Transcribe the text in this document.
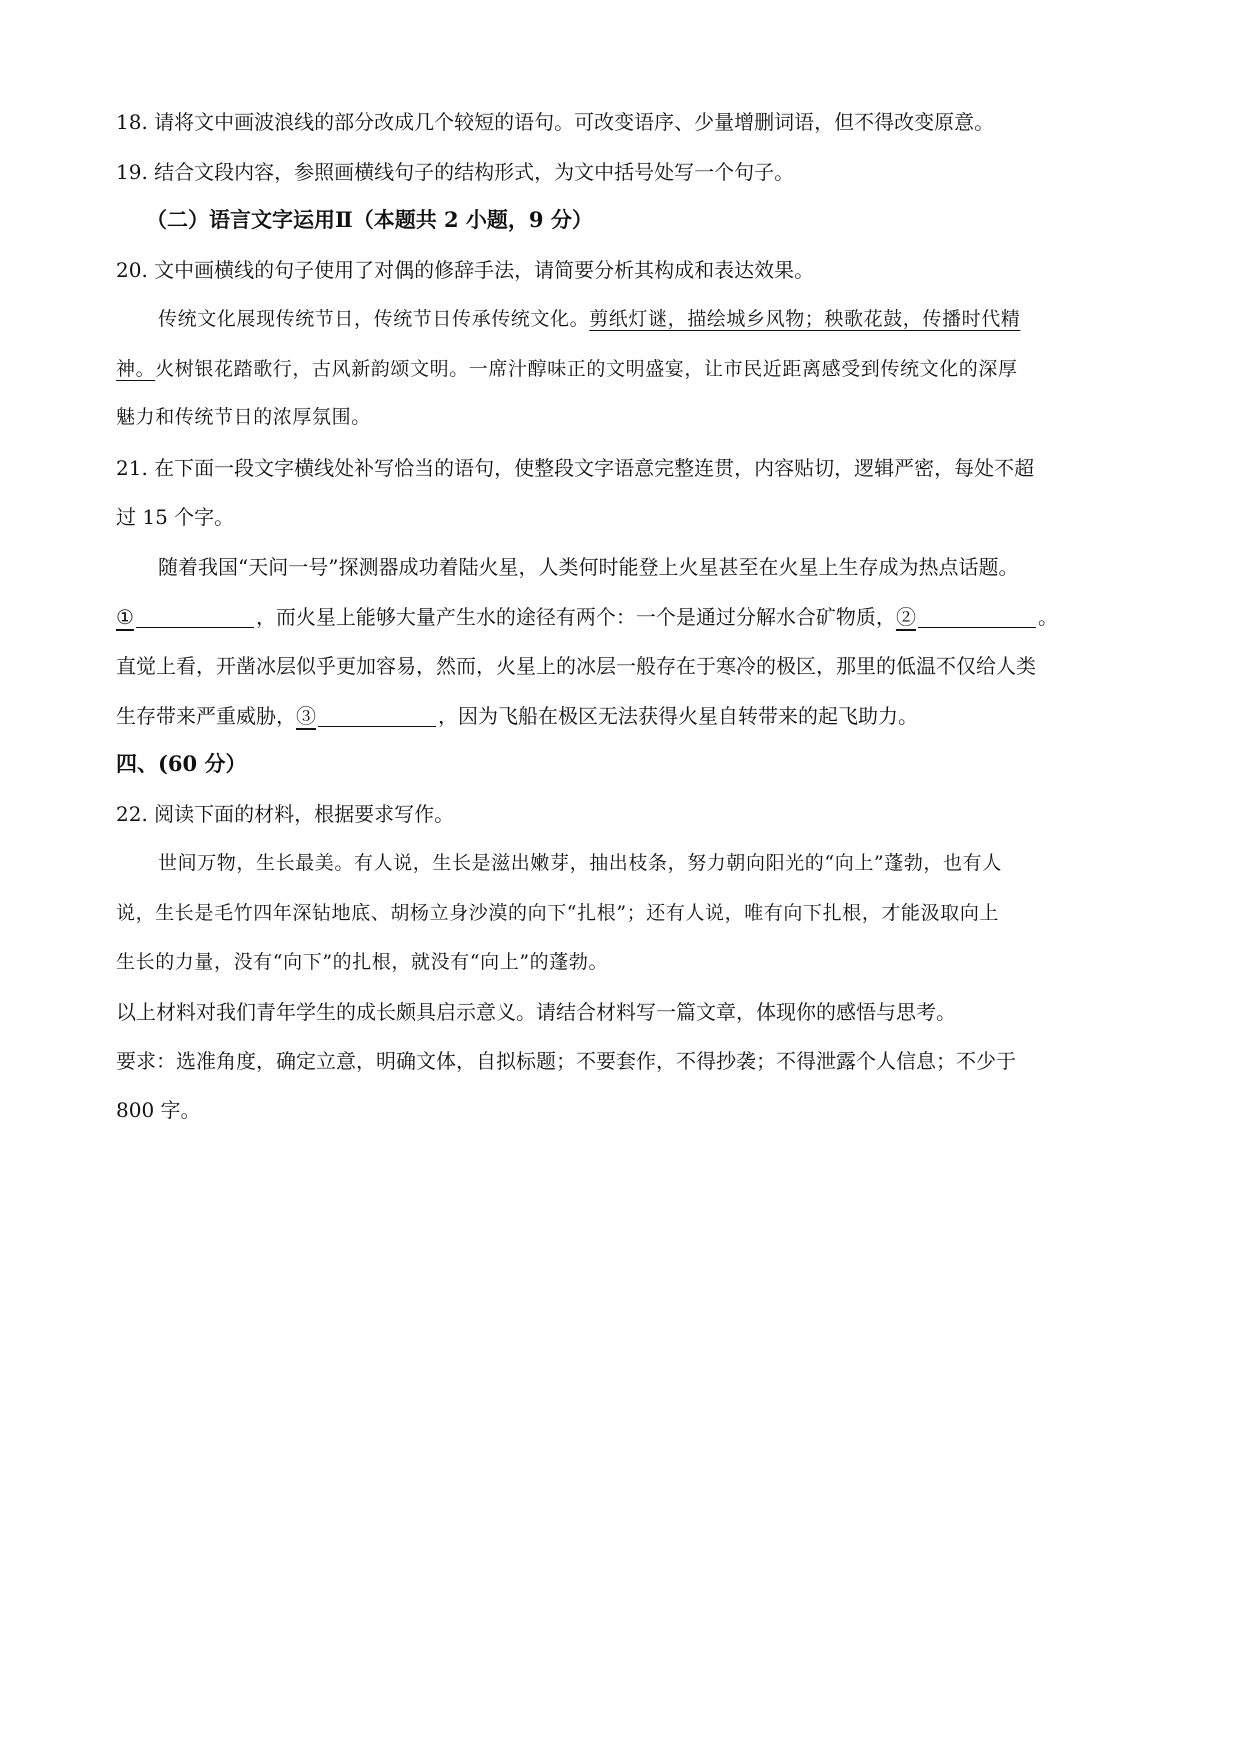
18. 请将文中画波浪线的部分改成几个较短的语句。可改变语序、少量增删词语，但不得改变原意。
19. 结合文段内容，参照画横线句子的结构形式，为文中括号处写一个句子。
（二）语言文字运用Ⅱ（本题共 2 小题，9 分）
20. 文中画横线的句子使用了对偶的修辞手法，请简要分析其构成和表达效果。
传统文化展现传统节日，传统节日传承传统文化。剪纸灯谜，描绘城乡风物；秧歌花鼓，传播时代精
神。火树银花踏歌行，古风新韵颂文明。一席汁醇味正的文明盛宴，让市民近距离感受到传统文化的深厚
魅力和传统节日的浓厚氛围。
21. 在下面一段文字横线处补写恰当的语句，使整段文字语意完整连贯，内容贴切，逻辑严密，每处不超
过 15 个字。
随着我国“天问一号”探测器成功着陆火星，人类何时能登上火星甚至在火星上生存成为热点话题。
①	，而火星上能够大量产生水的途径有两个：一个是通过分解水合矿物质，②	。
直觉上看，开凿冰层似乎更加容易，然而，火星上的冰层一般存在于寒冷的极区，那里的低温不仅给人类
生存带来严重威胁，③	，因为飞船在极区无法获得火星自转带来的起飞助力。
四、(60 分）
22. 阅读下面的材料，根据要求写作。
世间万物，生长最美。有人说，生长是滋出嫩芽，抽出枝条，努力朝向阳光的“向上”蓬勃，也有人
说，生长是毛竹四年深钻地底、胡杨立身沙漠的向下“扎根”；还有人说，唯有向下扎根，才能汲取向上
生长的力量，没有“向下”的扎根，就没有“向上”的蓬勃。
以上材料对我们青年学生的成长颇具启示意义。请结合材料写一篇文章，体现你的感悟与思考。
要求：选准角度，确定立意，明确文体，自拟标题；不要套作，不得抄袭；不得泄露个人信息；不少于
800 字。
